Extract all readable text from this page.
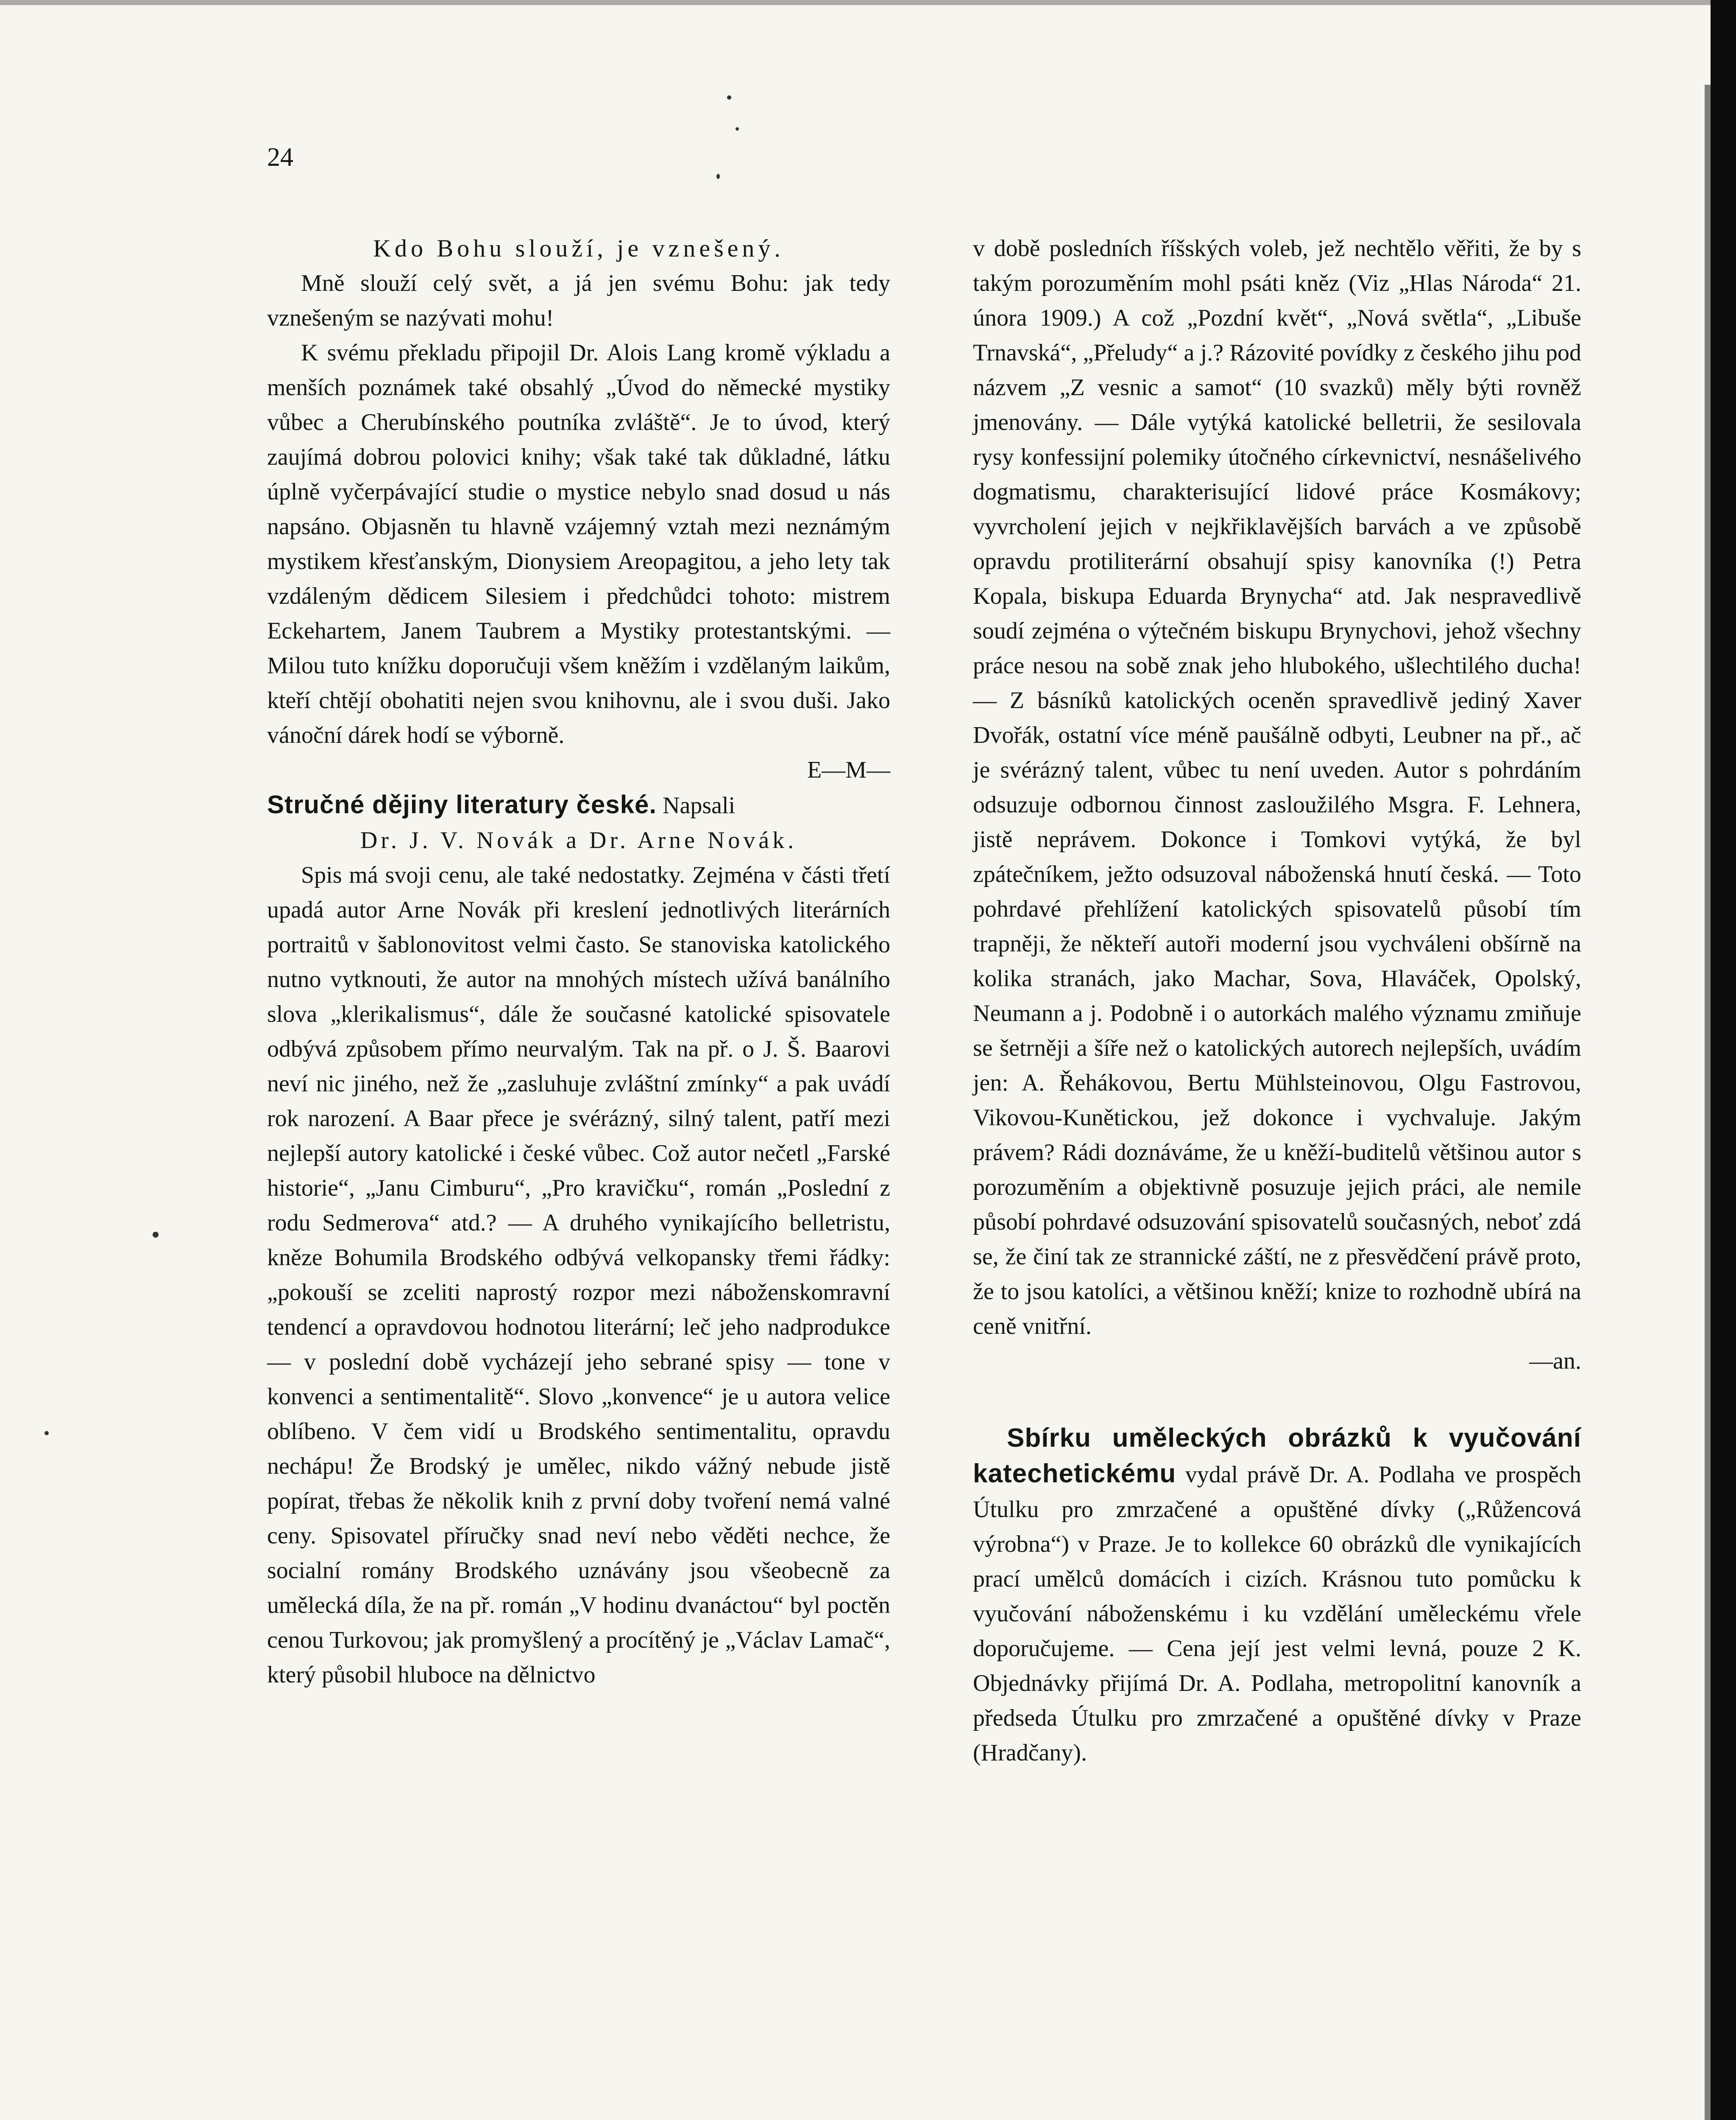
24

Kdo Bohu slouží, je vznešený.

Mně slouží celý svět, a já jen svému Bohu: jak tedy vznešeným se nazývati mohu!

K svému překladu připojil Dr. Alois Lang kromě výkladu a menších poznámek také obsahlý „Úvod do německé mystiky vůbec a Cherubínského poutníka zvláště“. Je to úvod, který zaujímá dobrou polovici knihy; však také tak důkladné, látku úplně vyčerpávající studie o mystice nebylo snad dosud u nás napsáno. Objasněn tu hlavně vzájemný vztah mezi neznámým mystikem křesťanským, Dionysiem Areopagitou, a jeho lety tak vzdáleným dědicem Silesiem i předchůdci tohoto: mistrem Eckehartem, Janem Taubrem a Mystiky protestantskými. — Milou tuto knížku doporučuji všem kněžím i vzdělaným laikům, kteří chtějí obohatiti nejen svou knihovnu, ale i svou duši. Jako vánoční dárek hodí se výborně.

E—M—

Stručné dějiny literatury české. Napsali

Dr. J. V. Novák a Dr. Arne Novák.

Spis má svoji cenu, ale také nedostatky. Zejména v části třetí upadá autor Arne Novák při kreslení jednotlivých literárních portraitů v šablonovitost velmi často. Se stanoviska katolického nutno vytknouti, že autor na mnohých místech užívá banálního slova „klerikalismus“, dále že současné katolické spisovatele odbývá způsobem přímo neurvalým. Tak na př. o J. Š. Baarovi neví nic jiného, než že „zasluhuje zvláštní zmínky“ a pak uvádí rok narození. A Baar přece je svérázný, silný talent, patří mezi nejlepší autory katolické i české vůbec. Což autor nečetl „Farské historie“, „Janu Cimburu“, „Pro kravičku“, román „Poslední z rodu Sedmerova“ atd.? — A druhého vynikajícího belletristu, kněze Bohumila Brodského odbývá velkopansky třemi řádky: „pokouší se zceliti naprostý rozpor mezi náboženskomravní tendencí a opravdovou hodnotou literární; leč jeho nadprodukce — v poslední době vycházejí jeho sebrané spisy — tone v konvenci a sentimentalitě“. Slovo „konvence“ je u autora velice oblíbeno. V čem vidí u Brodského sentimentalitu, opravdu nechápu! Že Brodský je umělec, nikdo vážný nebude jistě popírat, třebas že několik knih z první doby tvoření nemá valné ceny. Spisovatel příručky snad neví nebo věděti nechce, že socialní romány Brodského uznávány jsou všeobecně za umělecká díla, že na př. román „V hodinu dvanáctou“ byl poctěn cenou Turkovou; jak promyšlený a procítěný je „Václav Lamač“, který působil hluboce na dělnictvo

v době posledních říšských voleb, jež nechtělo věřiti, že by s takým porozuměním mohl psáti kněz (Viz „Hlas Národa“ 21. února 1909.) A což „Pozdní květ“, „Nová světla“, „Libuše Trnavská“, „Přeludy“ a j.? Rázovité povídky z českého jihu pod názvem „Z vesnic a samot“ (10 svazků) měly býti rovněž jmenovány. — Dále vytýká katolické belletrii, že sesilovala rysy konfessijní polemiky útočného církevnictví, nesnášelivého dogmatismu, charakterisující lidové práce Kosmákovy; vyvrcholení jejich v nejkřiklavějších barvách a ve způsobě opravdu protiliterární obsahují spisy kanovníka (!) Petra Kopala, biskupa Eduarda Brynycha“ atd. Jak nespravedlivě soudí zejména o výtečném biskupu Brynychovi, jehož všechny práce nesou na sobě znak jeho hlubokého, ušlechtilého ducha! — Z básníků katolických oceněn spravedlivě jediný Xaver Dvořák, ostatní více méně paušálně odbyti, Leubner na př., ač je svérázný talent, vůbec tu není uveden. Autor s pohrdáním odsuzuje odbornou činnost zasloužilého Msgra. F. Lehnera, jistě neprávem. Dokonce i Tomkovi vytýká, že byl zpátečníkem, ježto odsuzoval náboženská hnutí česká. — Toto pohrdavé přehlížení katolických spisovatelů působí tím trapněji, že někteří autoři moderní jsou vychváleni obšírně na kolika stranách, jako Machar, Sova, Hlaváček, Opolský, Neumann a j. Podobně i o autorkách malého významu zmiňuje se šetrněji a šíře než o katolických autorech nejlepších, uvádím jen: A. Řehákovou, Bertu Mühlsteinovou, Olgu Fastrovou, Vikovou-Kunětickou, jež dokonce i vychvaluje. Jakým právem? Rádi doznáváme, že u kněží-buditelů většinou autor s porozuměním a objektivně posuzuje jejich práci, ale nemile působí pohrdavé odsuzování spisovatelů současných, neboť zdá se, že činí tak ze strannické záští, ne z přesvědčení právě proto, že to jsou katolíci, a většinou kněží; knize to rozhodně ubírá na ceně vnitřní.

—an.

Sbírku uměleckých obrázků k vyučování katechetickému vydal právě Dr. A. Podlaha ve prospěch Útulku pro zmrzačené a opuštěné dívky („Růžencová výrobna“) v Praze. Je to kollekce 60 obrázků dle vynikajících prací umělců domácích i cizích. Krásnou tuto pomůcku k vyučování náboženskému i ku vzdělání uměleckému vřele doporučujeme. — Cena její jest velmi levná, pouze 2 K. Objednávky přijímá Dr. A. Podlaha, metropolitní kanovník a předseda Útulku pro zmrzačené a opuštěné dívky v Praze (Hradčany).
